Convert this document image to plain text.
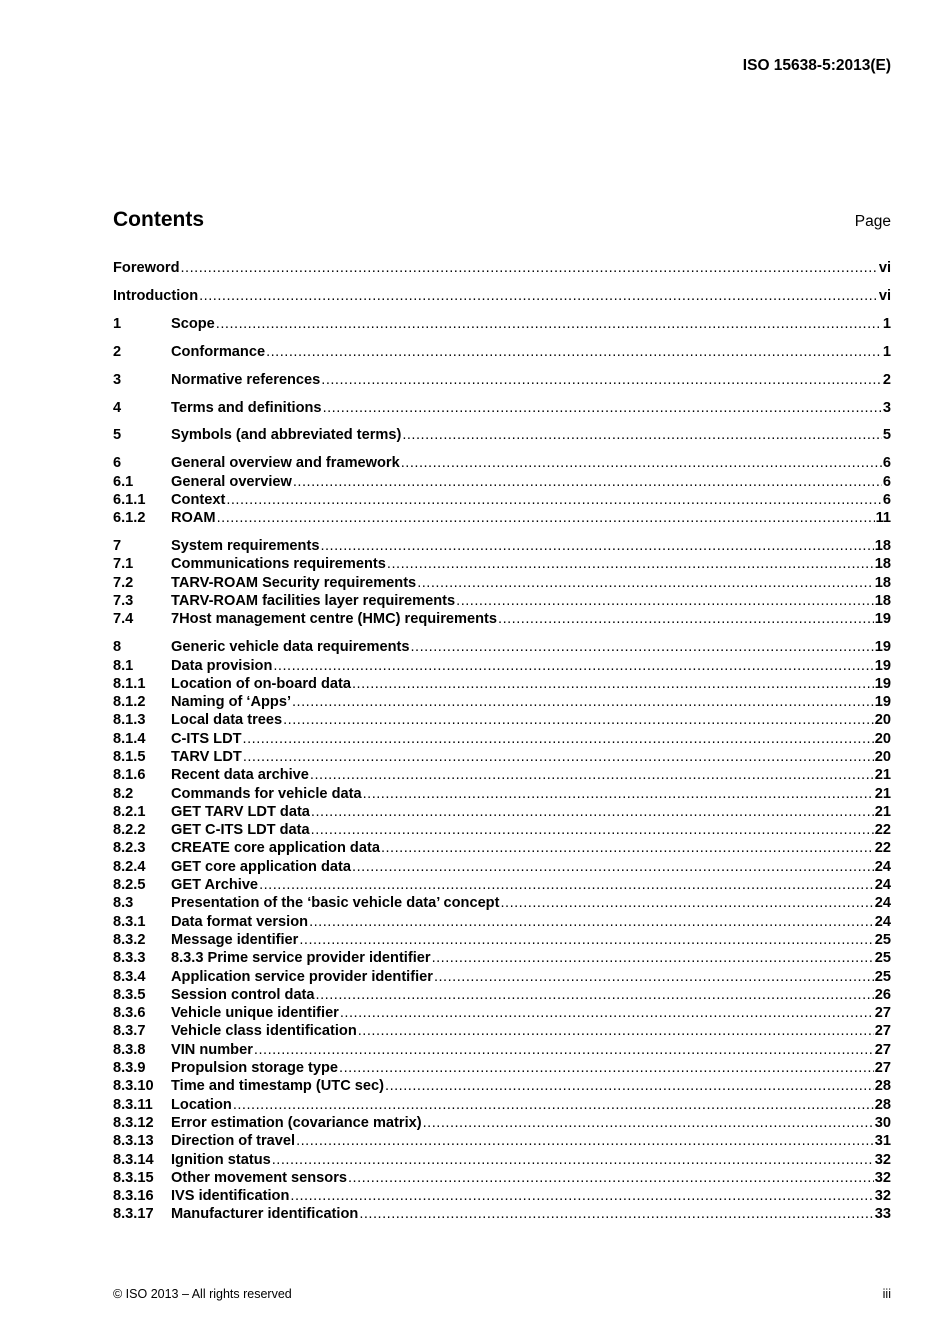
ISO 15638-5:2013(E)
Contents	Page
Foreword .....	vi
Introduction .....	vi
1	Scope .....	1
2	Conformance .....	1
3	Normative references .....	2
4	Terms and definitions .....	3
5	Symbols (and abbreviated terms) .....	5
6	General overview and framework .....	6
6.1	General overview .....	6
6.1.1	Context .....	6
6.1.2	ROAM .....	11
7	System requirements .....	18
7.1	Communications requirements .....	18
7.2	TARV-ROAM Security requirements .....	18
7.3	TARV-ROAM facilities layer requirements .....	18
7.4	7Host management centre (HMC) requirements .....	19
8	Generic vehicle data requirements .....	19
8.1	Data provision .....	19
8.1.1	Location of on-board data .....	19
8.1.2	Naming of ‘Apps’ .....	19
8.1.3	Local data trees .....	20
8.1.4	C-ITS LDT .....	20
8.1.5	TARV LDT .....	20
8.1.6	Recent data archive .....	21
8.2	Commands for vehicle data .....	21
8.2.1	GET TARV LDT data .....	21
8.2.2	GET C-ITS LDT data .....	22
8.2.3	CREATE core application data .....	22
8.2.4	GET core application data .....	24
8.2.5	GET Archive .....	24
8.3	Presentation of the ‘basic vehicle data’ concept .....	24
8.3.1	Data format version .....	24
8.3.2	Message identifier .....	25
8.3.3	8.3.3 Prime service provider identifier .....	25
8.3.4	Application service provider identifier .....	25
8.3.5	Session control data .....	26
8.3.6	Vehicle unique identifier .....	27
8.3.7	Vehicle class identification .....	27
8.3.8	VIN number .....	27
8.3.9	Propulsion storage type .....	27
8.3.10	Time and timestamp (UTC sec) .....	28
8.3.11	Location .....	28
8.3.12	Error estimation (covariance matrix) .....	30
8.3.13	Direction of travel .....	31
8.3.14	Ignition status .....	32
8.3.15	Other movement sensors .....	32
8.3.16	IVS identification .....	32
8.3.17	Manufacturer identification .....	33
© ISO 2013 – All rights reserved	iii
